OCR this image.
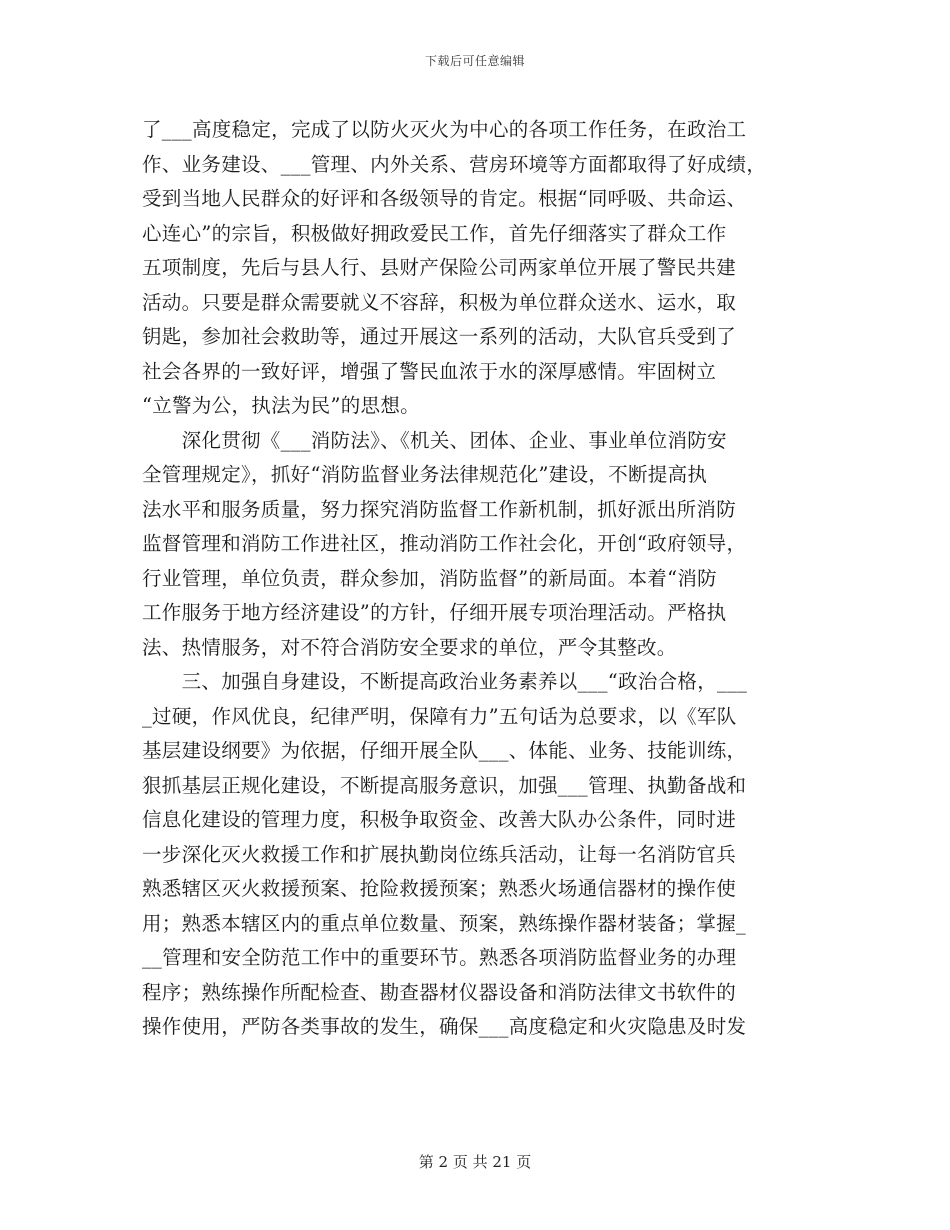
下载后可任意编辑
了___高度稳定，完成了以防火灭火为中心的各项工作任务，在政治工
作、业务建设、___管理、内外关系、营房环境等方面都取得了好成绩，
受到当地人民群众的好评和各级领导的肯定。根据“同呼吸、共命运、
心连心”的宗旨，积极做好拥政爱民工作，首先仔细落实了群众工作
五项制度，先后与县人行、县财产保险公司两家单位开展了警民共建
活动。只要是群众需要就义不容辞，积极为单位群众送水、运水，取
钥匙，参加社会救助等，通过开展这一系列的活动，大队官兵受到了
社会各界的一致好评，增强了警民血浓于水的深厚感情。牢固树立
“立警为公，执法为民”的思想。
　　深化贯彻《___消防法》、《机关、团体、企业、事业单位消防安
全管理规定》，抓好“消防监督业务法律规范化”建设，不断提高执
法水平和服务质量，努力探究消防监督工作新机制，抓好派出所消防
监督管理和消防工作进社区，推动消防工作社会化，开创“政府领导，
行业管理，单位负责，群众参加，消防监督”的新局面。本着“消防
工作服务于地方经济建设”的方针，仔细开展专项治理活动。严格执
法、热情服务，对不符合消防安全要求的单位，严令其整改。
　　三、加强自身建设，不断提高政治业务素养以___“政治合格，___
_过硬，作风优良，纪律严明，保障有力”五句话为总要求，以《军队
基层建设纲要》为依据，仔细开展全队___、体能、业务、技能训练，
狠抓基层正规化建设，不断提高服务意识，加强___管理、执勤备战和
信息化建设的管理力度，积极争取资金、改善大队办公条件，同时进
一步深化灭火救援工作和扩展执勤岗位练兵活动，让每一名消防官兵
熟悉辖区灭火救援预案、抢险救援预案；熟悉火场通信器材的操作使
用；熟悉本辖区内的重点单位数量、预案，熟练操作器材装备；掌握_
__管理和安全防范工作中的重要环节。熟悉各项消防监督业务的办理
程序；熟练操作所配检查、勘查器材仪器设备和消防法律文书软件的
操作使用，严防各类事故的发生，确保___高度稳定和火灾隐患及时发
第 2 页 共 21 页
